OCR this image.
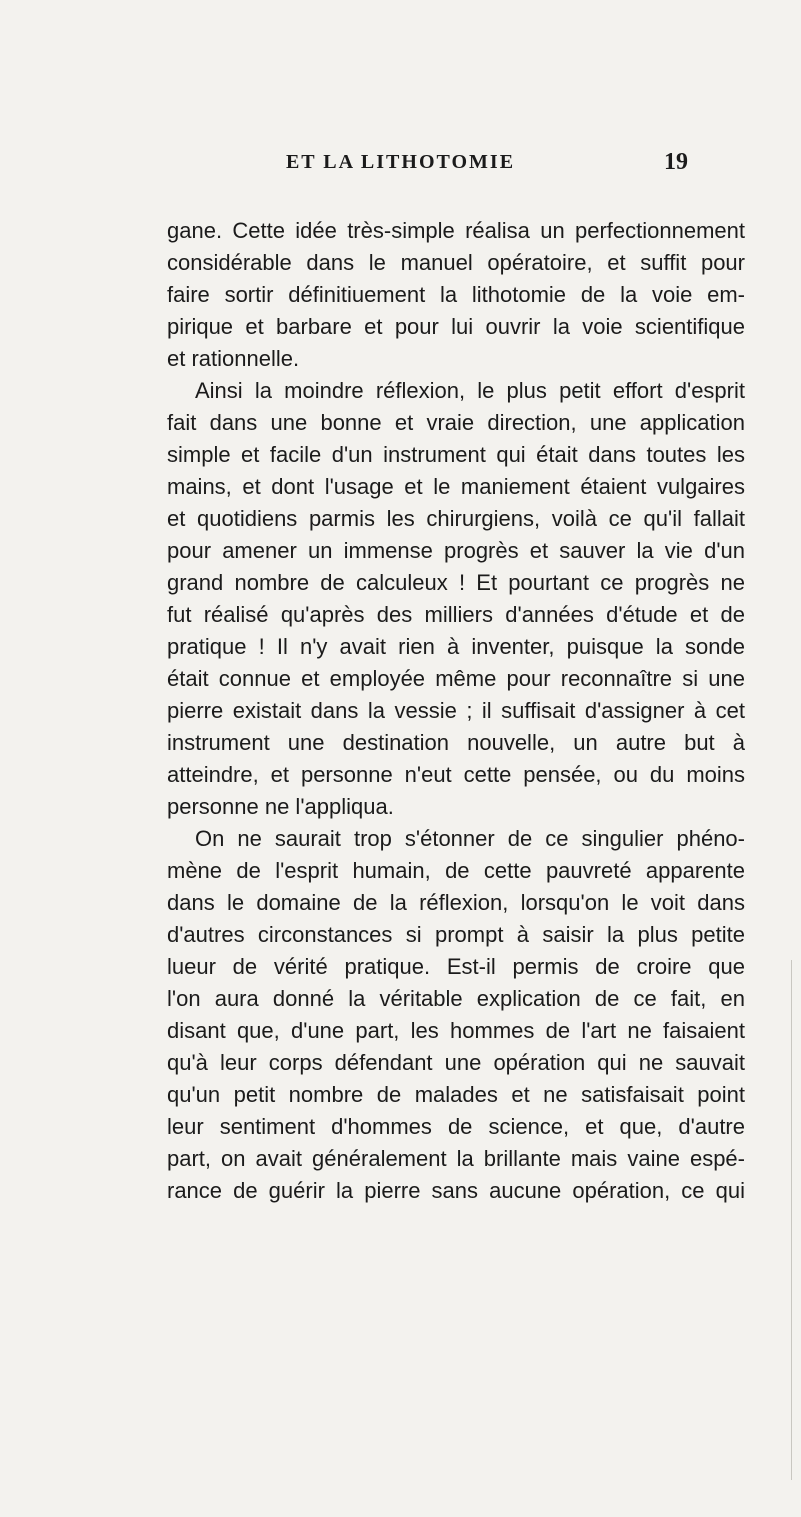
ET LA LITHOTOMIE	19
gane. Cette idée très-simple réalisa un perfectionnement
considérable dans le manuel opératoire, et suffit pour
faire sortir définitiuement la lithotomie de la voie em-
pirique et barbare et pour lui ouvrir la voie scientifique
et rationnelle.
Ainsi la moindre réflexion, le plus petit effort d'esprit
fait dans une bonne et vraie direction, une application
simple et facile d'un instrument qui était dans toutes les
mains, et dont l'usage et le maniement étaient vulgaires
et quotidiens parmis les chirurgiens, voilà ce qu'il fallait
pour amener un immense progrès et sauver la vie d'un
grand nombre de calculeux ! Et pourtant ce progrès ne
fut réalisé qu'après des milliers d'années d'étude et de
pratique ! Il n'y avait rien à inventer, puisque la sonde
était connue et employée même pour reconnaître si une
pierre existait dans la vessie ; il suffisait d'assigner à cet
instrument une destination nouvelle, un autre but à
atteindre, et personne n'eut cette pensée, ou du moins
personne ne l'appliqua.
On ne saurait trop s'étonner de ce singulier phéno-
mène de l'esprit humain, de cette pauvreté apparente
dans le domaine de la réflexion, lorsqu'on le voit dans
d'autres circonstances si prompt à saisir la plus petite
lueur de vérité pratique. Est-il permis de croire que
l'on aura donné la véritable explication de ce fait, en
disant que, d'une part, les hommes de l'art ne faisaient
qu'à leur corps défendant une opération qui ne sauvait
qu'un petit nombre de malades et ne satisfaisait point
leur sentiment d'hommes de science, et que, d'autre
part, on avait généralement la brillante mais vaine espé-
rance de guérir la pierre sans aucune opération, ce qui
